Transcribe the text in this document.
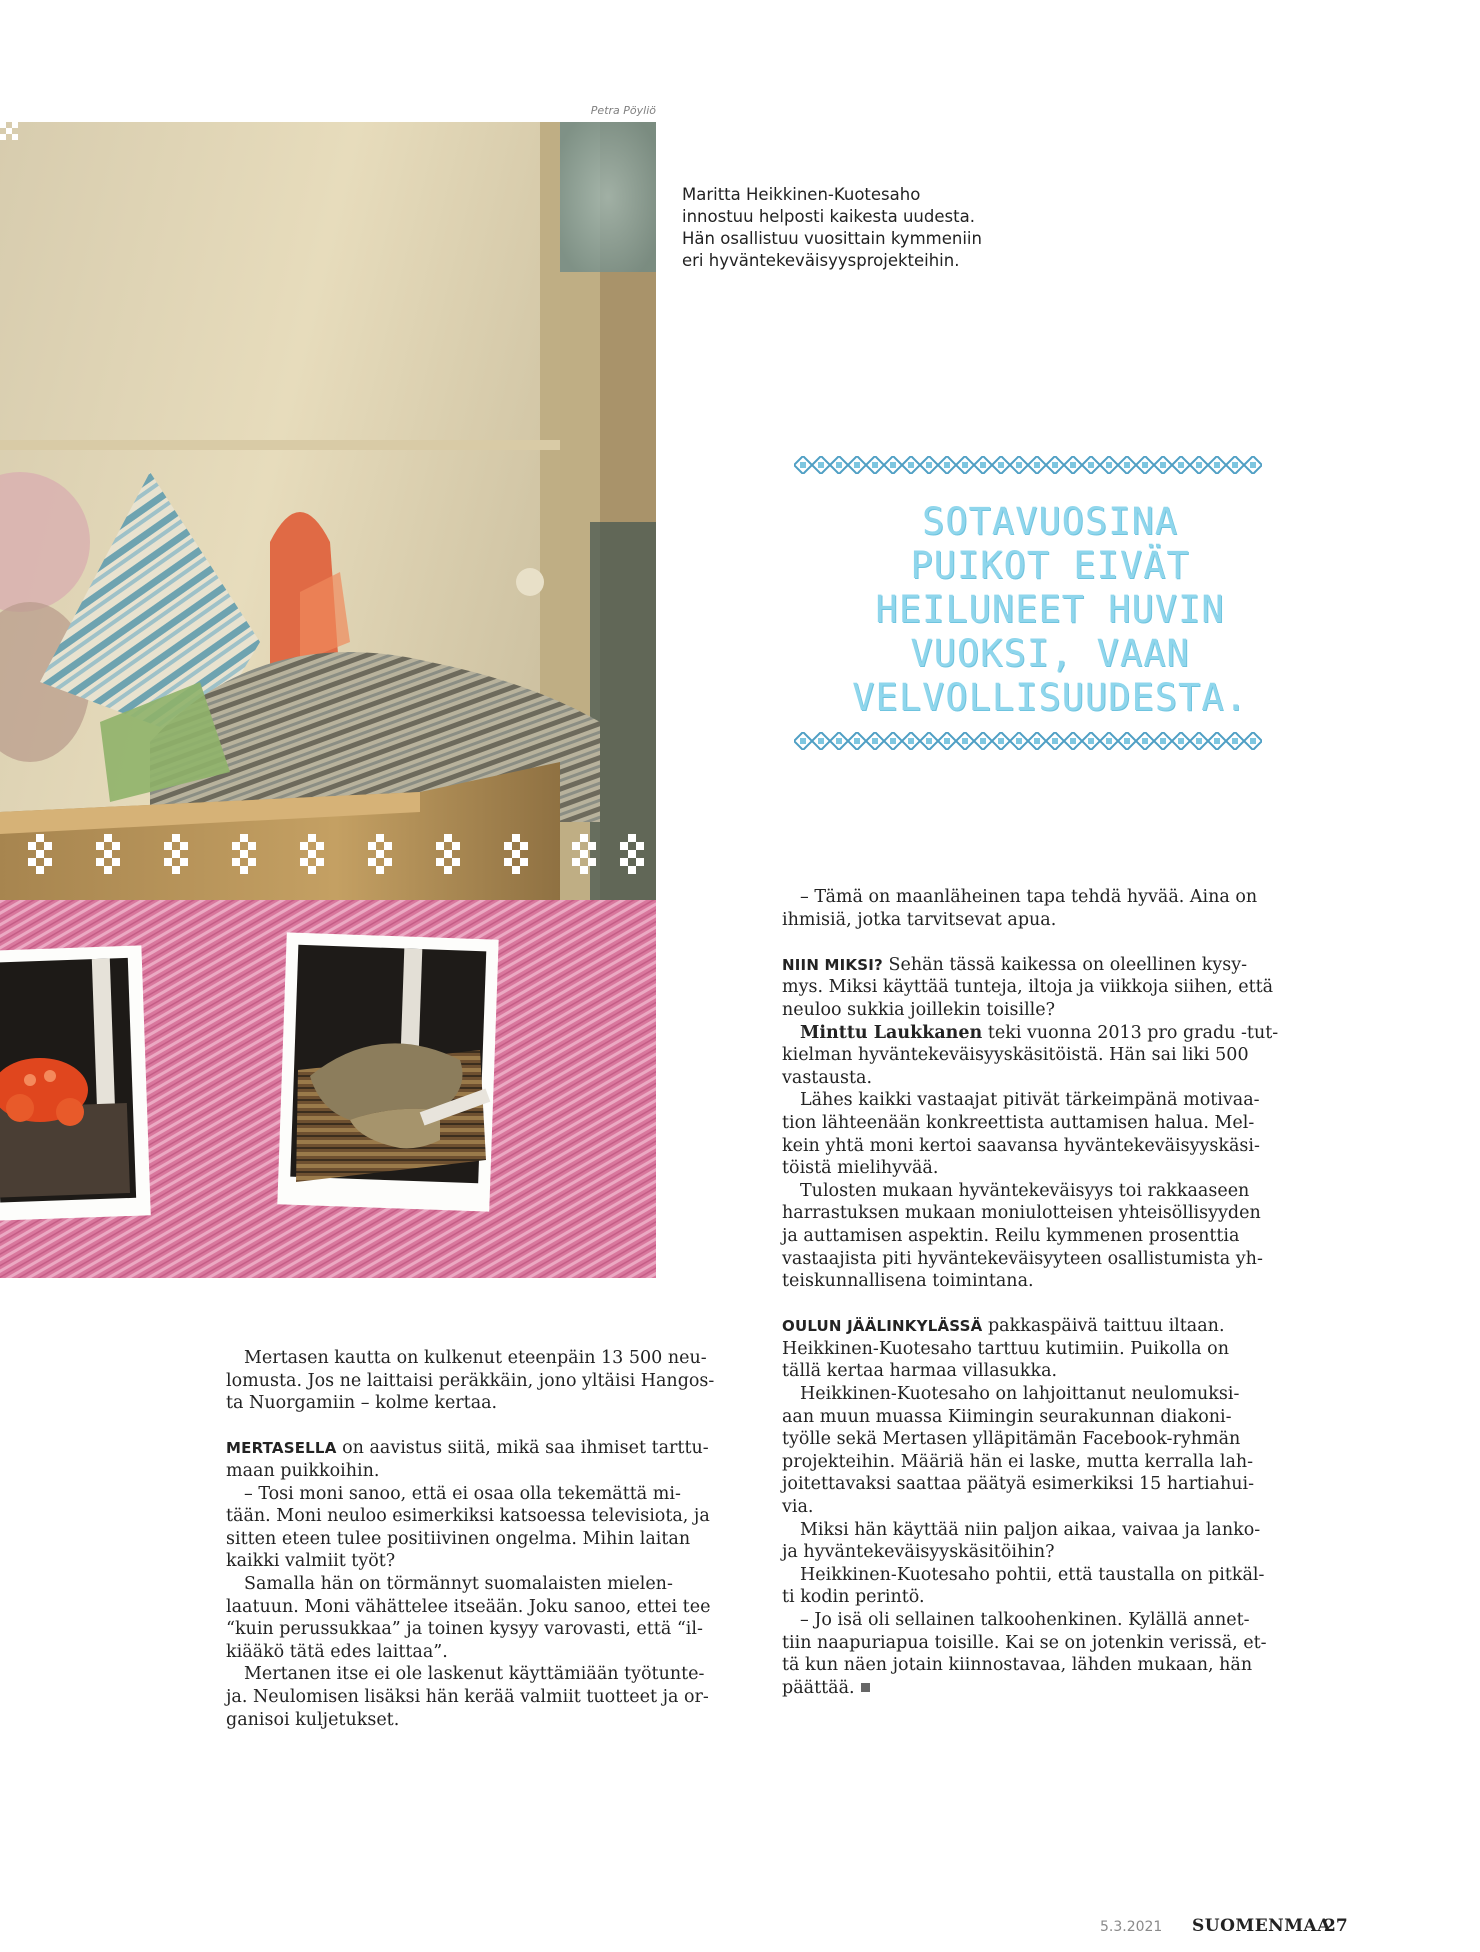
Petra Pöyliö
Maritta Heikkinen-Kuotesaho
innostuu helposti kaikesta uudesta.
Hän osallistuu vuosittain kymmeniin
eri hyväntekeväisyysprojekteihin.
SOTAVUOSINA
PUIKOT EIVÄT
HEILUNEET HUVIN
VUOKSI, VAAN
VELVOLLISUUDESTA.

Mertasen kautta on kulkenut eteenpäin 13 500 neu-

lomusta. Jos ne laittaisi peräkkäin, jono yltäisi Hangos-

ta Nuorgamiin – kolme kertaa.

MERTASELLA on aavistus siitä, mikä saa ihmiset tarttu-

maan puikkoihin.

– Tosi moni sanoo, että ei osaa olla tekemättä mi-

tään. Moni neuloo esimerkiksi katsoessa televisiota, ja

sitten eteen tulee positiivinen ongelma. Mihin laitan

kaikki valmiit työt?

Samalla hän on törmännyt suomalaisten mielen-

laatuun. Moni vähättelee itseään. Joku sanoo, ettei tee

“kuin perussukkaa” ja toinen kysyy varovasti, että “il-

kiääkö tätä edes laittaa”.

Mertanen itse ei ole laskenut käyttämiään työtunte-

ja. Neulomisen lisäksi hän kerää valmiit tuotteet ja or-

ganisoi kuljetukset.

– Tämä on maanläheinen tapa tehdä hyvää. Aina on

ihmisiä, jotka tarvitsevat apua.

NIIN MIKSI? Sehän tässä kaikessa on oleellinen kysy-

mys. Miksi käyttää tunteja, iltoja ja viikkoja siihen, että

neuloo sukkia joillekin toisille?

Minttu Laukkanen teki vuonna 2013 pro gradu -tut-

kielman hyväntekeväisyyskäsitöistä. Hän sai liki 500

vastausta.

Lähes kaikki vastaajat pitivät tärkeimpänä motivaa-

tion lähteenään konkreettista auttamisen halua. Mel-

kein yhtä moni kertoi saavansa hyväntekeväisyyskäsi-

töistä mielihyvää.

Tulosten mukaan hyväntekeväisyys toi rakkaaseen

harrastuksen mukaan moniulotteisen yhteisöllisyyden

ja auttamisen aspektin. Reilu kymmenen prosenttia

vastaajista piti hyväntekeväisyyteen osallistumista yh-

teiskunnallisena toimintana.

OULUN JÄÄLINKYLÄSSÄ pakkaspäivä taittuu iltaan.

Heikkinen-Kuotesaho tarttuu kutimiin. Puikolla on

tällä kertaa harmaa villasukka.

Heikkinen-Kuotesaho on lahjoittanut neulomuksi-

aan muun muassa Kiimingin seurakunnan diakoni-

työlle sekä Mertasen ylläpitämän Facebook-ryhmän

projekteihin. Määriä hän ei laske, mutta kerralla lah-

joitettavaksi saattaa päätyä esimerkiksi 15 hartiahui-

via.

Miksi hän käyttää niin paljon aikaa, vaivaa ja lanko-

ja hyväntekeväisyyskäsitöihin?

Heikkinen-Kuotesaho pohtii, että taustalla on pitkäl-

ti kodin perintö.

– Jo isä oli sellainen talkoohenkinen. Kylällä annet-

tiin naapuriapua toisille. Kai se on jotenkin verissä, et-

tä kun näen jotain kiinnostavaa, lähden mukaan, hän

päättää.

5.3.2021 SUOMENMAA
27
